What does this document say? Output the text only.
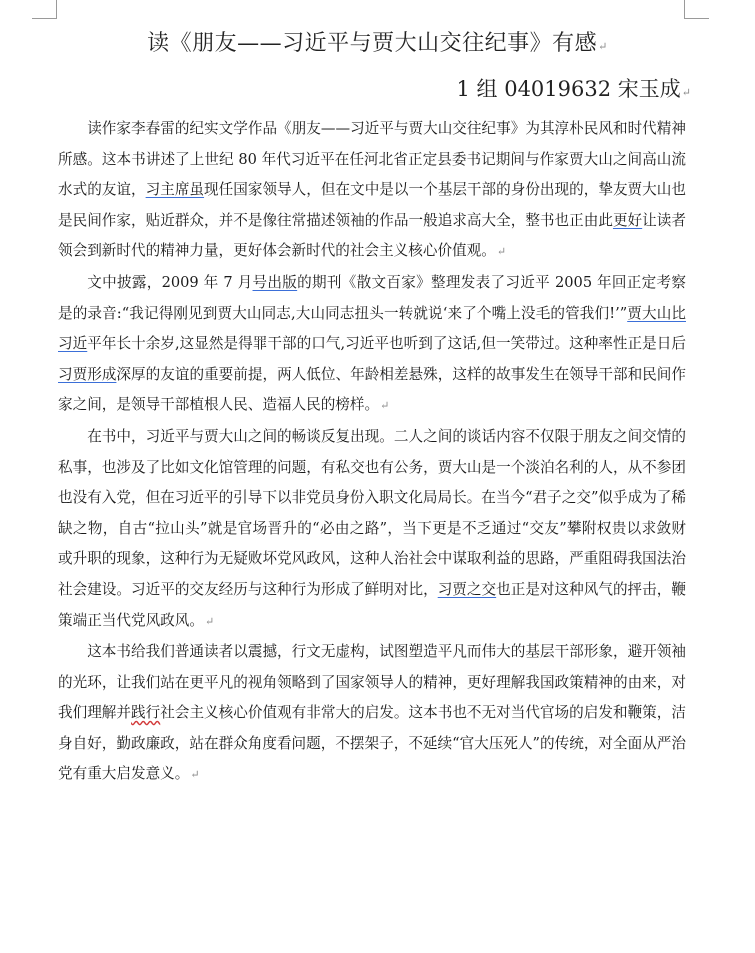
读《朋友——习近平与贾大山交往纪事》有感↵
1 组 04019632 宋玉成↵

读作家李春雷的纪实文学作品《朋友——习近平与贾大山交往纪事》为其淳朴民风和时代精神所感。这本书讲述了上世纪 80 年代习近平在任河北省正定县委书记期间与作家贾大山之间高山流水式的友谊，习主席虽现任国家领导人，但在文中是以一个基层干部的身份出现的，挚友贾大山也是民间作家，贴近群众，并不是像往常描述领袖的作品一般追求高大全，整书也正由此更好让读者领会到新时代的精神力量，更好体会新时代的社会主义核心价值观。↵

文中披露，2009 年 7 月号出版的期刊《散文百家》整理发表了习近平 2005 年回正定考察是的录音:“我记得刚见到贾大山同志,大山同志扭头一转就说‘来了个嘴上没毛的管我们!’”贾大山比习近平年长十余岁,这显然是得罪干部的口气,习近平也听到了这话,但一笑带过。这种率性正是日后习贾形成深厚的友谊的重要前提，两人低位、年龄相差悬殊，这样的故事发生在领导干部和民间作家之间，是领导干部植根人民、造福人民的榜样。↵

在书中，习近平与贾大山之间的畅谈反复出现。二人之间的谈话内容不仅限于朋友之间交情的私事，也涉及了比如文化馆管理的问题，有私交也有公务，贾大山是一个淡泊名利的人，从不参团也没有入党，但在习近平的引导下以非党员身份入职文化局局长。在当今“君子之交”似乎成为了稀缺之物，自古“拉山头”就是官场晋升的“必由之路”，当下更是不乏通过“交友”攀附权贵以求敛财或升职的现象，这种行为无疑败坏党风政风，这种人治社会中谋取利益的思路，严重阻碍我国法治社会建设。习近平的交友经历与这种行为形成了鲜明对比，习贾之交也正是对这种风气的抨击，鞭策端正当代党风政风。↵

这本书给我们普通读者以震撼，行文无虚构，试图塑造平凡而伟大的基层干部形象，避开领袖的光环，让我们站在更平凡的视角领略到了国家领导人的精神，更好理解我国政策精神的由来，对我们理解并践行社会主义核心价值观有非常大的启发。这本书也不无对当代官场的启发和鞭策，洁身自好，勤政廉政，站在群众角度看问题，不摆架子，不延续“官大压死人”的传统，对全面从严治党有重大启发意义。↵
